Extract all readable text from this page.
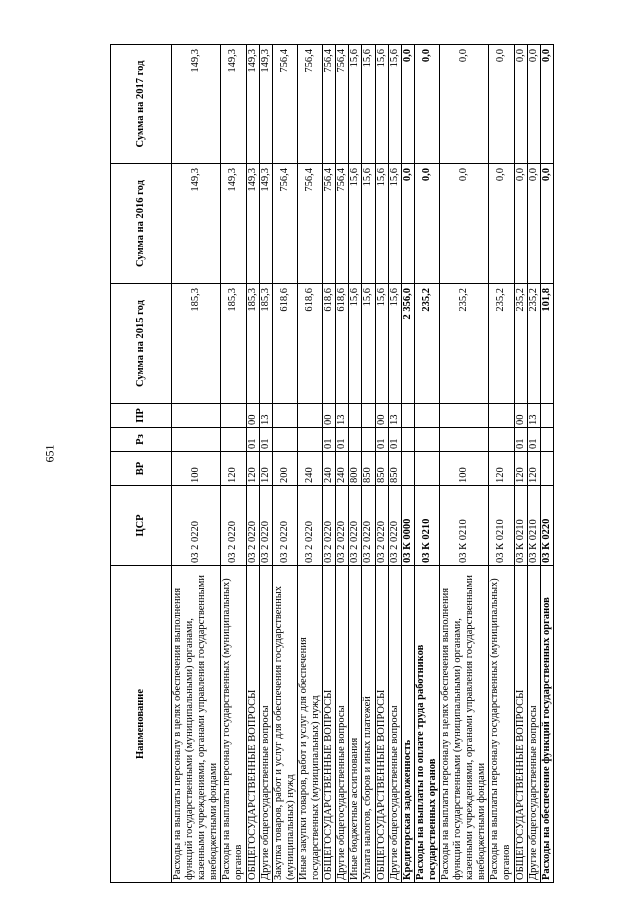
651
Наименование	ЦСР	ВР	Рз	ПР	Сумма на 2015 год	Сумма на 2016 год	Сумма на 2017 год
Расходы на выплаты персоналу в целях обеспечения выполнения функций государственными (муниципальными) органами, казенными учреждениями, органами управления государственными внебюджетными фондами	03 2 0220	100			185,3	149,3	149,3
Расходы на выплаты персоналу государственных (муниципальных) органов	03 2 0220	120			185,3	149,3	149,3
ОБЩЕГОСУДАРСТВЕННЫЕ ВОПРОСЫ	03 2 0220	120	01	00	185,3	149,3	149,3
Другие общегосударственные вопросы	03 2 0220	120	01	13	185,3	149,3	149,3
Закупка товаров, работ и услуг для обеспечения государственных (муниципальных) нужд	03 2 0220	200			618,6	756,4	756,4
Иные закупки товаров, работ и услуг для обеспечения государственных (муниципальных) нужд	03 2 0220	240			618,6	756,4	756,4
ОБЩЕГОСУДАРСТВЕННЫЕ ВОПРОСЫ	03 2 0220	240	01	00	618,6	756,4	756,4
Другие общегосударственные вопросы	03 2 0220	240	01	13	618,6	756,4	756,4
Иные бюджетные ассигнования	03 2 0220	800			15,6	15,6	15,6
Уплата налогов, сборов и иных платежей	03 2 0220	850			15,6	15,6	15,6
ОБЩЕГОСУДАРСТВЕННЫЕ ВОПРОСЫ	03 2 0220	850	01	00	15,6	15,6	15,6
Другие общегосударственные вопросы	03 2 0220	850	01	13	15,6	15,6	15,6
Кредиторская задолженность	03 К 0000				2 356,0	0,0	0,0
Расходы на выплаты по оплате труда работников государственных органов	03 К 0210				235,2	0,0	0,0
Расходы на выплаты персоналу в целях обеспечения выполнения функций государственными (муниципальными) органами, казенными учреждениями, органами управления государственными внебюджетными фондами	03 К 0210	100			235,2	0,0	0,0
Расходы на выплаты персоналу государственных (муниципальных) органов	03 К 0210	120			235,2	0,0	0,0
ОБЩЕГОСУДАРСТВЕННЫЕ ВОПРОСЫ	03 К 0210	120	01	00	235,2	0,0	0,0
Другие общегосударственные вопросы	03 К 0210	120	01	13	235,2	0,0	0,0
Расходы на обеспечение функций государственных органов	03 К 0220				101,8	0,0	0,0
